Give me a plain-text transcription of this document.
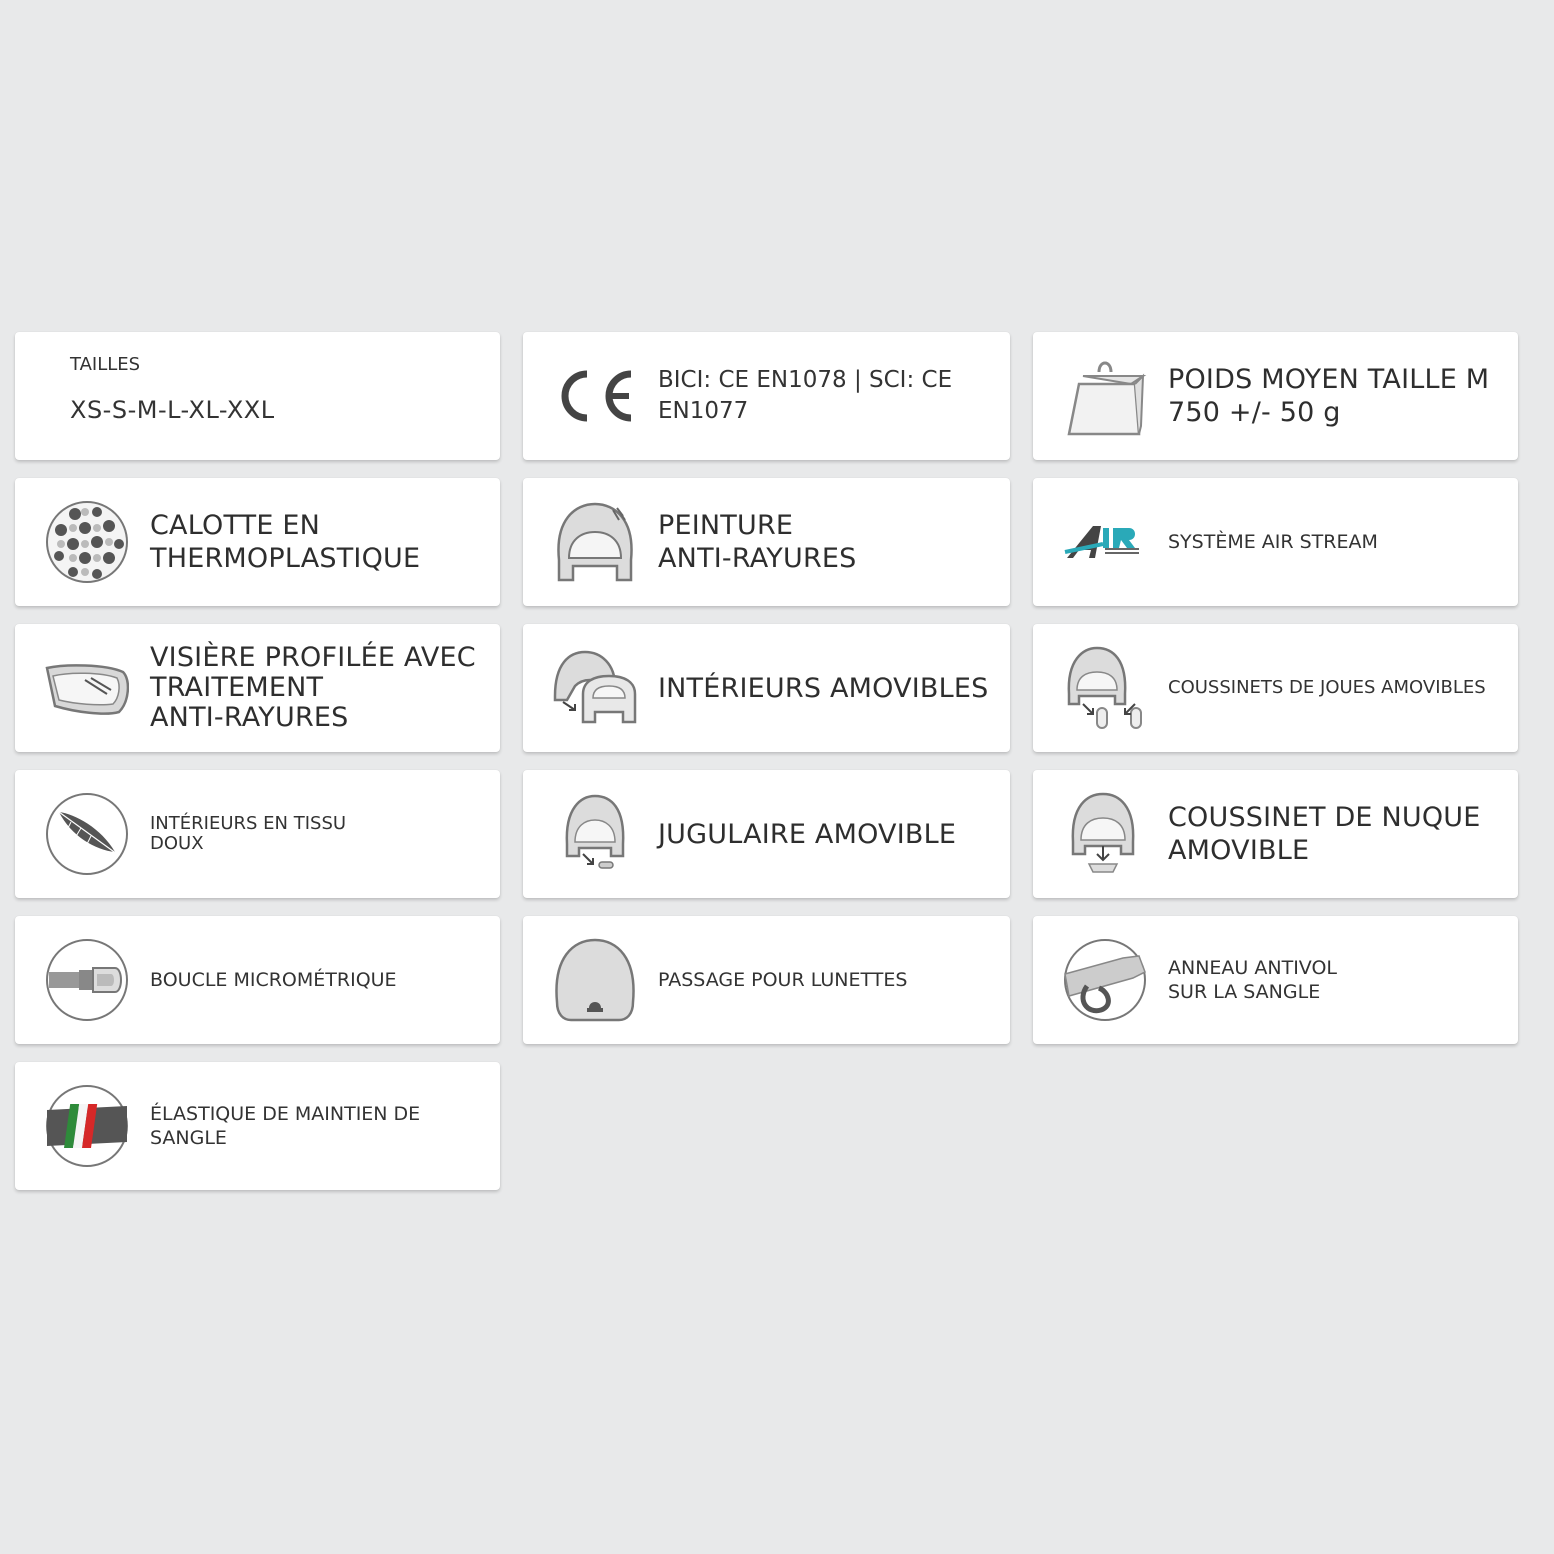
TAILLES
XS-S-M-L-XL-XXL
BICI: CE EN1078 | SCI: CE
EN1077
POIDS MOYEN TAILLE M
750 +/- 50 g
CALOTTE EN
THERMOPLASTIQUE
PEINTURE
ANTI-RAYURES
SYSTÈME AIR STREAM
VISIÈRE PROFILÉE AVEC
TRAITEMENT
ANTI-RAYURES
INTÉRIEURS AMOVIBLES	COUSSINETS DE JOUES AMOVIBLES
INTÉRIEURS EN TISSU
DOUX	JUGULAIRE AMOVIBLE
COUSSINET DE NUQUE
AMOVIBLE
BOUCLE MICROMÉTRIQUE	PASSAGE POUR LUNETTES
ANNEAU ANTIVOL
SUR LA SANGLE
ÉLASTIQUE DE MAINTIEN DE SANGLE
